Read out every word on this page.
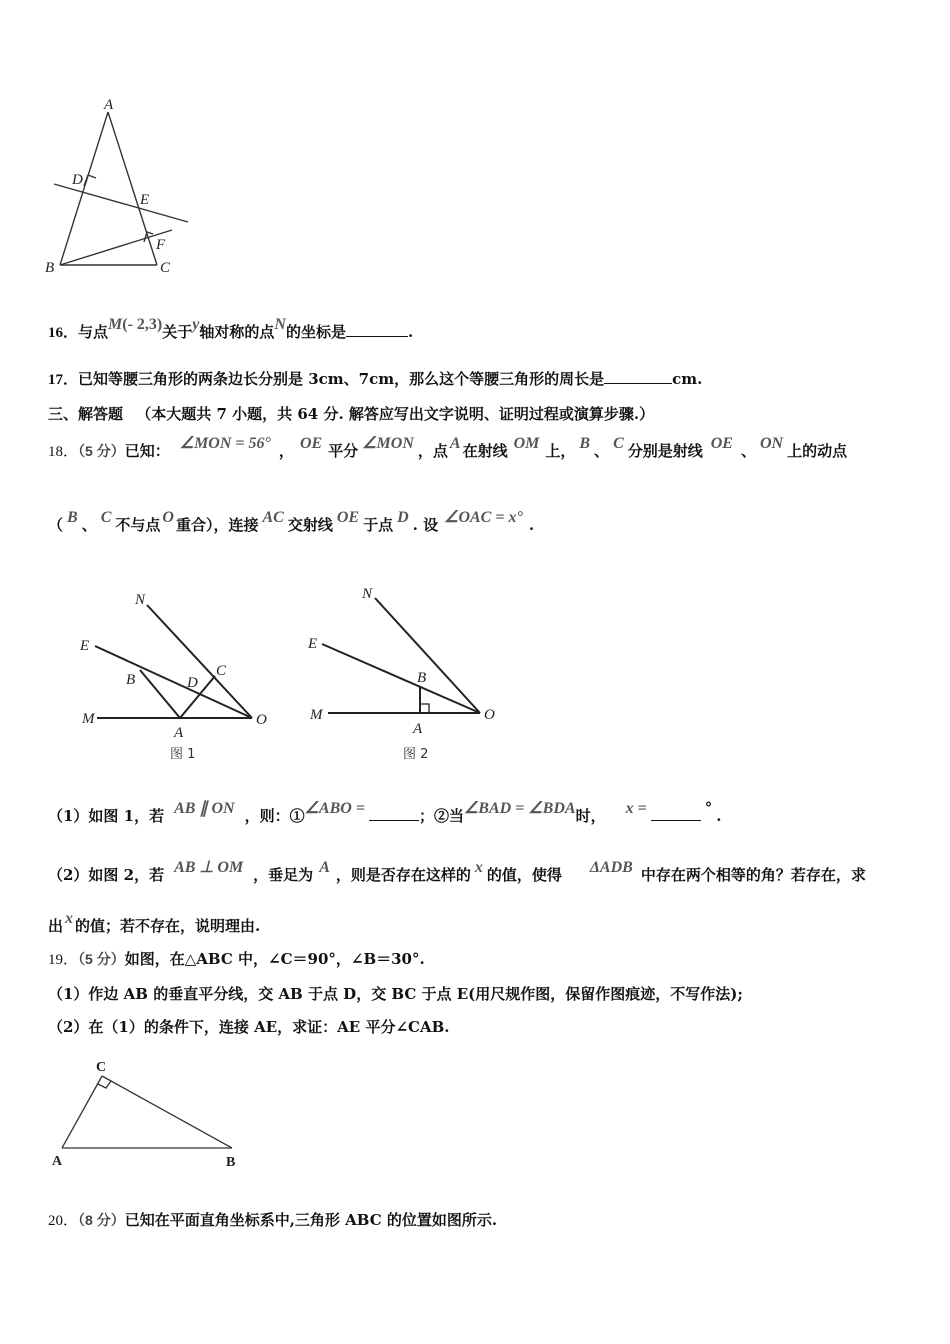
A
D
E
F
B	C
16．与点M(- 2,3)关于y轴对称的点N的坐标是	.
17．已知等腰三角形的两条边长分别是 3cm、7cm，那么这个等腰三角形的周长是	cm.
三、解答题 （本大题共 7 小题，共 64 分. 解答应写出文字说明、证明过程或演算步骤.）
18．（5 分）已知： ∠MON = 56° ， OE 平分 ∠MON ，点 A 在射线 OM 上， B 、 C 分别是射线 OE 、 ON 上的动点
（ B 、 C 不与点 O 重合），连接 AC 交射线 OE 于点 D . 设 ∠OAC = x° .
N
E
B
C
D
M
A
O
图 1
N
E
B
M
A
O
图 2
（1）如图 1，若 AB ∥ ON ，则：①∠ABO =	；②当∠BAD = ∠BDA时， x =	° .
（2）如图 2，若 AB ⊥ OM ，垂足为 A ，则是否存在这样的 x 的值，使得 ΔADB 中存在两个相等的角？若存在，求
出 x 的值；若不存在，说明理由.
19．（5 分）如图，在△ABC 中，∠C＝90°，∠B＝30°.
（1）作边 AB 的垂直平分线，交 AB 于点 D，交 BC 于点 E(用尺规作图，保留作图痕迹，不写作法);
（2）在（1）的条件下，连接 AE，求证：AE 平分∠CAB.
C
A	B
20．（8 分）已知在平面直角坐标系中,三角形 ABC 的位置如图所示.
